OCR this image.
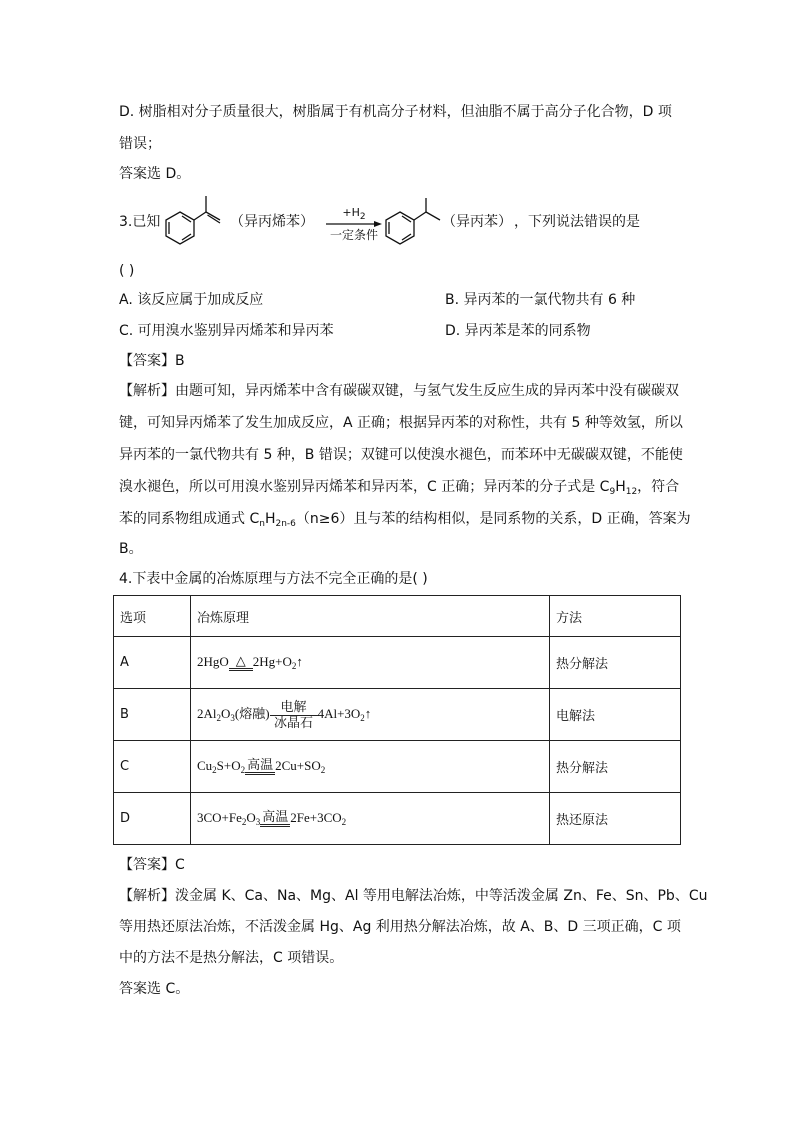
D. 树脂相对分子质量很大，树脂属于有机高分子材料，但油脂不属于高分子化合物，D 项
错误；
答案选 D。
3.已知	（异丙烯苯）
$+H_2$
一定条件
（异丙苯） ，下列说法错误的是
( )
A. 该反应属于加成反应	B. 异丙苯的一氯代物共有 6 种
C. 可用溴水鉴别异丙烯苯和异丙苯	D. 异丙苯是苯的同系物
【答案】B
【解析】由题可知，异丙烯苯中含有碳碳双键，与氢气发生反应生成的异丙苯中没有碳碳双
键，可知异丙烯苯了发生加成反应，A 正确；根据异丙苯的对称性，共有 5 种等效氢，所以
异丙苯的一氯代物共有 5 种，B 错误；双键可以使溴水褪色，而苯环中无碳碳双键，不能使
溴水褪色，所以可用溴水鉴别异丙烯苯和异丙苯，C 正确；异丙苯的分子式是 $C_9H_{12}$，符合
苯的同系物组成通式 $C_nH_{2n-6}(n\ge 6)$且与苯的结构相似，是同系物的关系，D 正确，答案为
B。
4.下表中金属的冶炼原理与方法不完全正确的是( )
选项	冶炼原理	方法
A	2HgO △ $2Hg+O_2↑$	热分解法
B	$2Al_2O_3$(熔融) 电解
冰晶石
$4Al+3O_2↑$	电解法
C	$Cu_2S+O_2$ 高温 $2Cu+SO_2$	热分解法
D	$3CO+Fe_2O_3$ 高温 $2Fe+3CO_2$	热还原法
【答案】C
【解析】泼金属 K、Ca、Na、Mg、Al 等用电解法冶炼，中等活泼金属 Zn、Fe、Sn、Pb、Cu
等用热还原法冶炼，不活泼金属 Hg、Ag 利用热分解法冶炼，故 A、B、D 三项正确，C 项
中的方法不是热分解法，C 项错误。
答案选 C。
